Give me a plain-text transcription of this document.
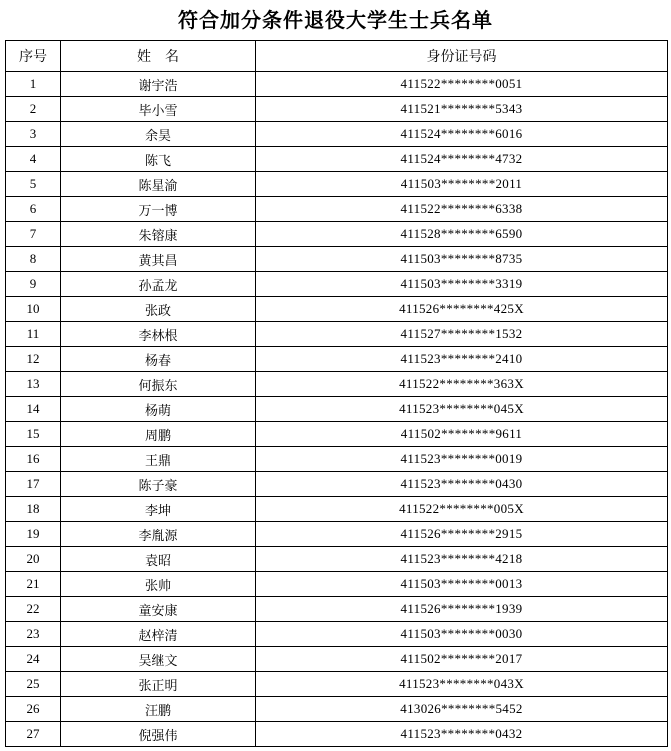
符合加分条件退役大学生士兵名单
序号	姓　名	身份证号码
1	谢宇浩	411522********0051
2	毕小雪	411521********5343
3	余昊	411524********6016
4	陈飞	411524********4732
5	陈星渝	411503********2011
6	万一博	411522********6338
7	朱镕康	411528********6590
8	黄其昌	411503********8735
9	孙孟龙	411503********3319
10	张政	411526********425X
11	李林根	411527********1532
12	杨春	411523********2410
13	何振东	411522********363X
14	杨萌	411523********045X
15	周鹏	411502********9611
16	王鼎	411523********0019
17	陈子豪	411523********0430
18	李坤	411522********005X
19	李胤源	411526********2915
20	袁昭	411523********4218
21	张帅	411503********0013
22	童安康	411526********1939
23	赵梓清	411503********0030
24	吴继文	411502********2017
25	张正明	411523********043X
26	汪鹏	413026********5452
27	倪强伟	411523********0432
